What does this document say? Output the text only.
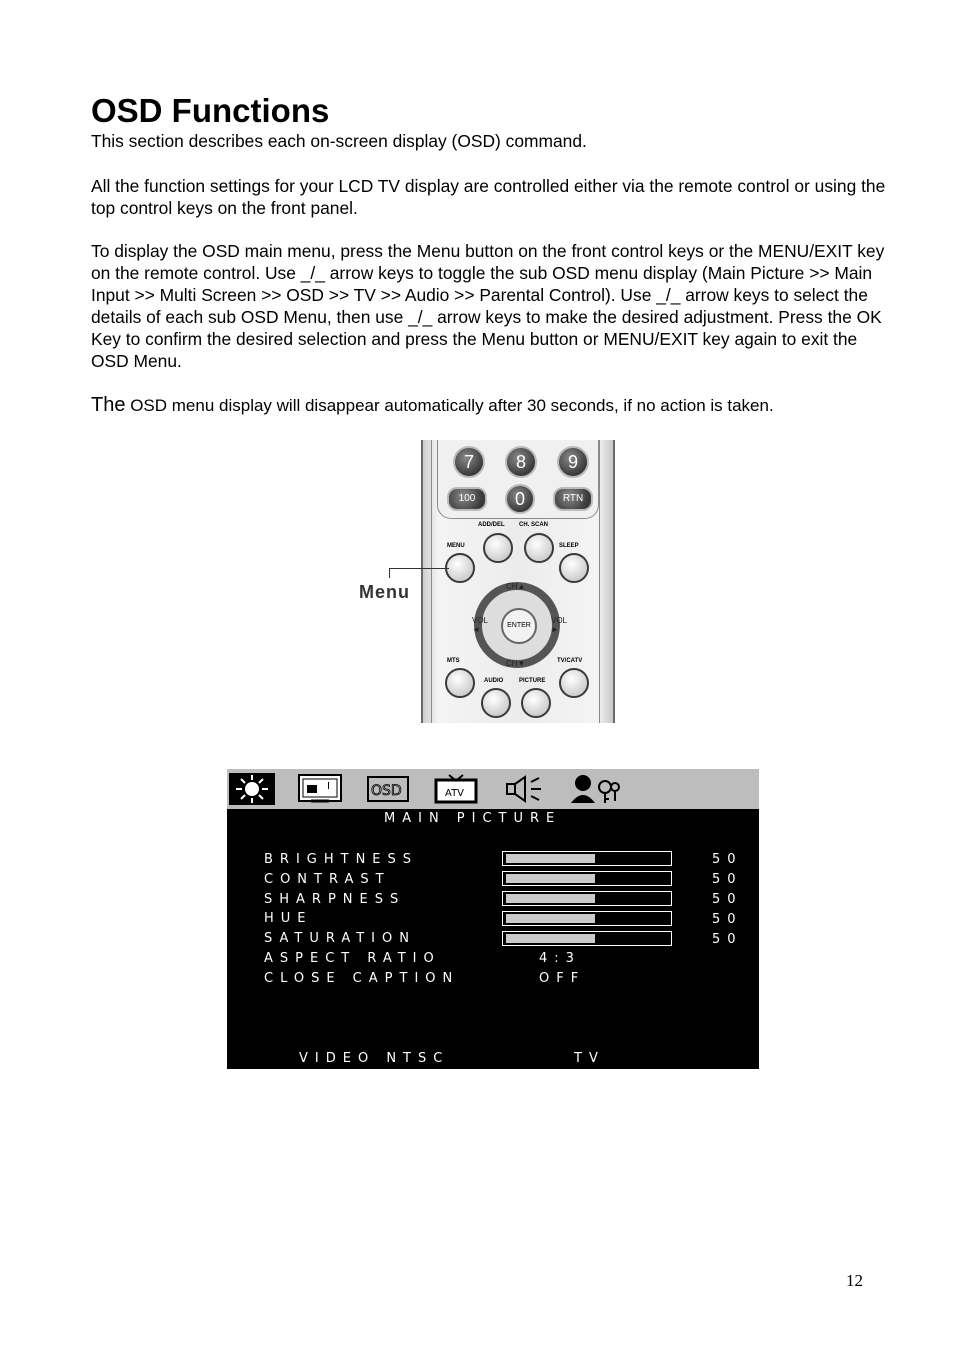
OSD Functions

This section describes each on-screen display (OSD) command.

All the function settings for your LCD TV display are controlled either via the remote control or using the top control keys on the front panel.

To display the OSD main menu, press the Menu button on the front control keys or the MENU/EXIT key on the remote control. Use _/_ arrow keys to toggle the sub OSD menu display (Main Picture >> Main Input >> Multi Screen >> OSD >> TV >> Audio >> Parental Control). Use _/_ arrow keys to select the details of each sub OSD Menu, then use _/_ arrow keys to make the desired adjustment. Press the OK Key to confirm the desired selection and press the Menu button or MENU/EXIT key again to exit the OSD Menu.

The OSD menu display will disappear automatically after 30 seconds, if no action is taken.

7	8	9
100	0	RTN
ADD/DEL CH. SCAN
MENU	SLEEP
MTS	TV/CATV
AUDIO	PICTURE
ENTER
CH▲
CH▼
VOL
◄
VOL
►
Menu
I	OSD	ATV
MAIN PICTURE
BRIGHTNESS	50
CONTRAST	50
SHARPNESS	50
HUE	50
SATURATION	50
ASPECT RATIO	4:3
CLOSE CAPTION	OFF
VIDEO NTSC	TV
12
